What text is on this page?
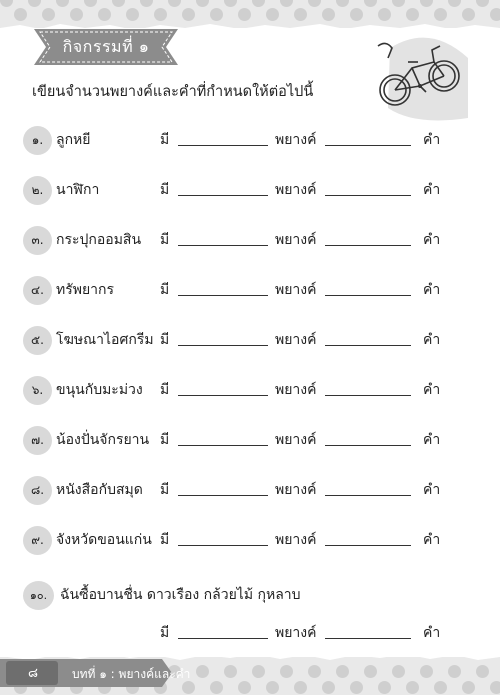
กิจกรรมที่ ๑
เขียนจำนวนพยางค์และคำที่กำหนดให้ต่อไปนี้
๑. ลูกหยี	มี	พยางค์	คำ
๒. นาฬิกา	มี	พยางค์	คำ
๓. กระปุกออมสิน มี	พยางค์	คำ
๔. ทรัพยากร	มี	พยางค์	คำ
๕. โฆษณาไอศกรีม มี	พยางค์	คำ
๖. ขนุนกับมะม่วง มี	พยางค์	คำ
๗. น้องปั่นจักรยาน มี	พยางค์	คำ
๘. หนังสือกับสมุด มี	พยางค์	คำ
๙. จังหวัดขอนแก่น มี	พยางค์	คำ
๑๐. ฉันซื้อบานชื่น ดาวเรือง กล้วยไม้ กุหลาบ
มี	พยางค์	คำ
๘	บทที่ ๑ : พยางค์และคำ
